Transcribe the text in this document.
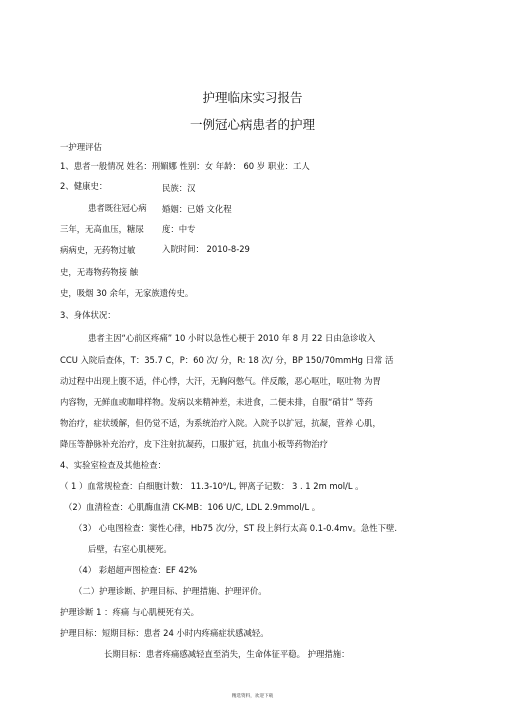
护理临床实习报告
一例冠心病患者的护理
一护理评估
1、患者一般情况 姓名：刑媚娜 性别：女 年龄： 60 岁 职业：工人
2、健康史：
患者既往冠心病
三年，无高血压，糖尿
病病史，无药物过敏
史，无毒物药物接 触
史，吸烟 30 余年，无家族遗传史。
民族：汉
婚姻：已婚 文化程
度：中专
入院时间： 2010-8-29
3、身体状况：
患者主因“心前区疼痛” 10 小时以急性心梗于 2010 年 8 月 22 日由急诊收入
CCU 入院后查体，T：35.7 C，P：60 次/ 分，R: 18 次/ 分，BP 150/70mmHg 日常 活
动过程中出现上腹不适，伴心悸，大汗，无胸闷憋气。伴反酸，恶心呕吐，呕吐物 为胃
内容物，无鲜血或咖啡样物。发病以来精神差，未进食，二便未排，自服“硝甘” 等药
物治疗，症状缓解，但仍觉不适，为系统治疗入院。入院予以扩冠，抗凝，营养 心肌，
降压等静脉补充治疗，皮下注射抗凝药，口服扩冠，抗血小板等药物治疗
4、实验室检查及其他检查：
（ 1 ）血常规检查：白细胞计数： 11.3-10⁹/L, 钾离子记数： 3 . 1 2m mol/L 。
（2）血清检查：心肌酶血清 CK-MB：106 U/C, LDL 2.9mmol/L 。
（3） 心电图检查：窦性心律，Hb75 次/分，ST 段上斜行太高 0.1-0.4mv。急性下壁.
后壁，右室心肌梗死。
（4） 彩超超声图检查：EF 42%
（二）护理诊断、护理目标、护理措施、护理评价。
护理诊断 1 ：疼痛 与心肌梗死有关。
护理目标：短期目标：患者 24 小时内疼痛症状感减轻。
长期目标：患者疼痛感减轻直至消失，生命体征平稳。 护理措施：
精选资料，欢迎下载
